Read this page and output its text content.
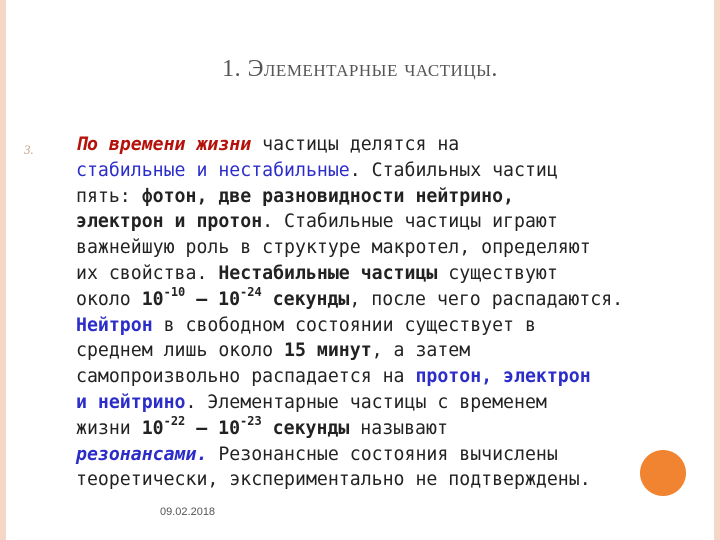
1. Элементарные частицы.
3. По времени жизни частицы делятся на
стабильные и нестабильные. Стабильных частиц
пять: фотон, две разновидности нейтрино,
электрон и протон. Стабильные частицы играют
важнейшую роль в структуре макротел, определяют
их свойства. Нестабильные частицы существуют
около $10^{-10} - 10^{-24}$ секунды, после чего распадаются.
Нейтрон в свободном состоянии существует в
среднем лишь около 15 минут, а затем
самопроизвольно распадается на протон, электрон
и нейтрино. Элементарные частицы с временем
жизни $10^{-22} - 10^{-23}$ секунды называют
резонансами. Резонансные состояния вычислены
теоретически, экспериментально не подтверждены.
09.02.2018
